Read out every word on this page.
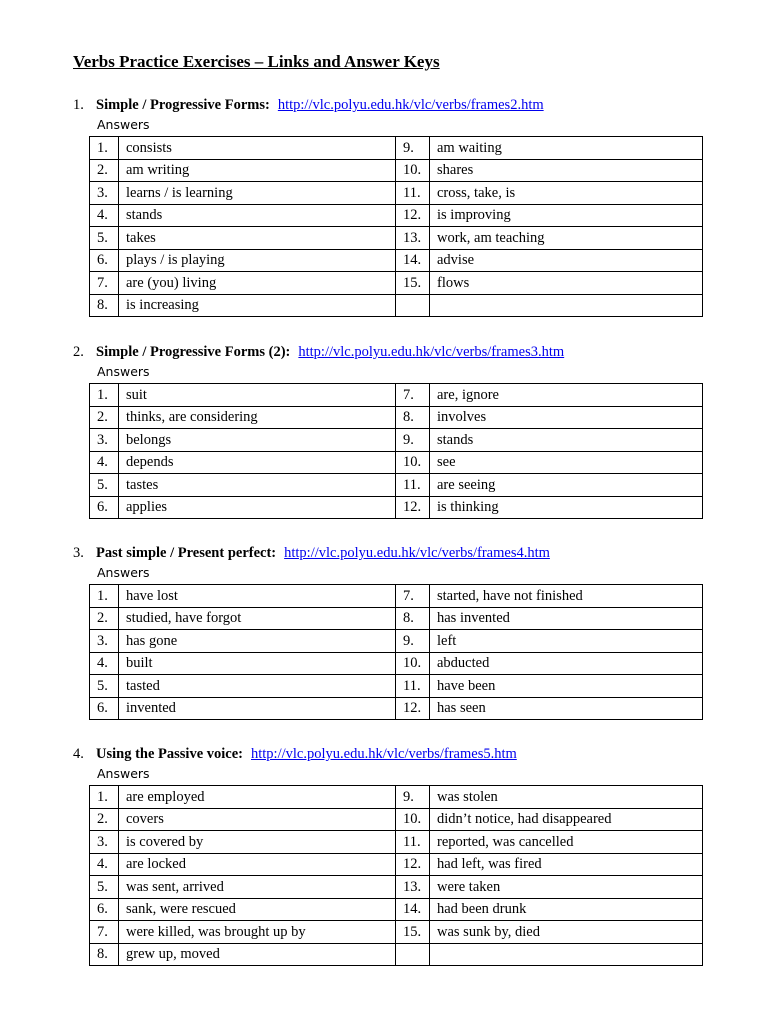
Verbs Practice Exercises – Links and Answer Keys
1. Simple / Progressive Forms: http://vlc.polyu.edu.hk/vlc/verbs/frames2.htm
Answers
1.	consists	9.	am waiting
2.	am writing	10.	shares
3.	learns / is learning	11.	cross, take, is
4.	stands	12.	is improving
5.	takes	13.	work, am teaching
6.	plays / is playing	14.	advise
7.	are (you) living	15.	flows
8.	is increasing		
2. Simple / Progressive Forms (2): http://vlc.polyu.edu.hk/vlc/verbs/frames3.htm
Answers
1.	suit	7.	are, ignore
2.	thinks, are considering	8.	involves
3.	belongs	9.	stands
4.	depends	10.	see
5.	tastes	11.	are seeing
6.	applies	12.	is thinking
3. Past simple / Present perfect: http://vlc.polyu.edu.hk/vlc/verbs/frames4.htm
Answers
1.	have lost	7.	started, have not finished
2.	studied, have forgot	8.	has invented
3.	has gone	9.	left
4.	built	10.	abducted
5.	tasted	11.	have been
6.	invented	12.	has seen
4. Using the Passive voice: http://vlc.polyu.edu.hk/vlc/verbs/frames5.htm
Answers
1.	are employed	9.	was stolen
2.	covers	10.	didn’t notice, had disappeared
3.	is covered by	11.	reported, was cancelled
4.	are locked	12.	had left, was fired
5.	was sent, arrived	13.	were taken
6.	sank, were rescued	14.	had been drunk
7.	were killed, was brought up by	15.	was sunk by, died
8.	grew up, moved		
